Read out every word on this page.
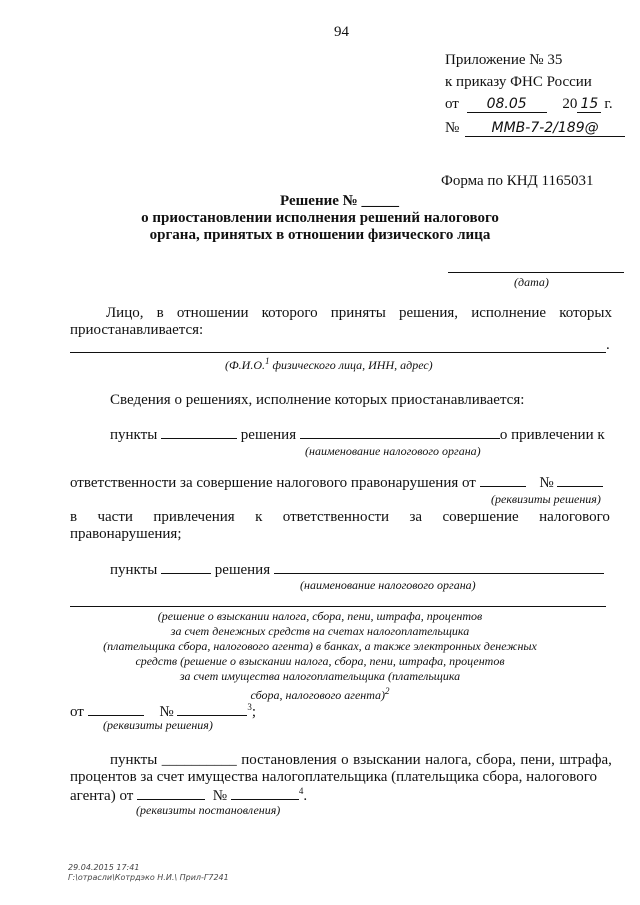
94
Приложение № 35
к приказу ФНС России
от 08.05 20 15 г.
№ ММВ-7-2/189@
Форма по КНД 1165031
Решение № _____
о приостановлении исполнения решений налогового
органа, принятых в отношении физического лица
(дата)
Лицо, в отношении которого приняты решения, исполнение которых
приостанавливается:
.
(Ф.И.О.$^1$ физического лица, ИНН, адрес)
Сведения о решениях, исполнение которых приостанавливается:
пункты	решения	о привлечении к
(наименование налогового органа)
ответственности за совершение налогового правонарушения от	№
(реквизиты решения)
в части привлечения к ответственности за совершение налогового
правонарушения;
пункты	решения
(наименование налогового органа)
(решение о взыскании налога, сбора, пени, штрафа, процентов
за счет денежных средств на счетах налогоплательщика
(плательщика сбора, налогового агента) в банках, а также электронных денежных
средств (решение о взыскании налога, сбора, пени, штрафа, процентов
за счет имущества налогоплательщика (плательщика
сбора, налогового агента)$^2$
от	№	$^3$;
(реквизиты решения)
пункты __________ постановления о взыскании налога, сбора, пени, штрафа,
процентов за счет имущества налогоплательщика (плательщика сбора, налогового
агента) от	№	$^4$.
(реквизиты постановления)
29.04.2015 17:41
Г:\отрасли\Котрдэко Н.И.\ Прил-Г7241
